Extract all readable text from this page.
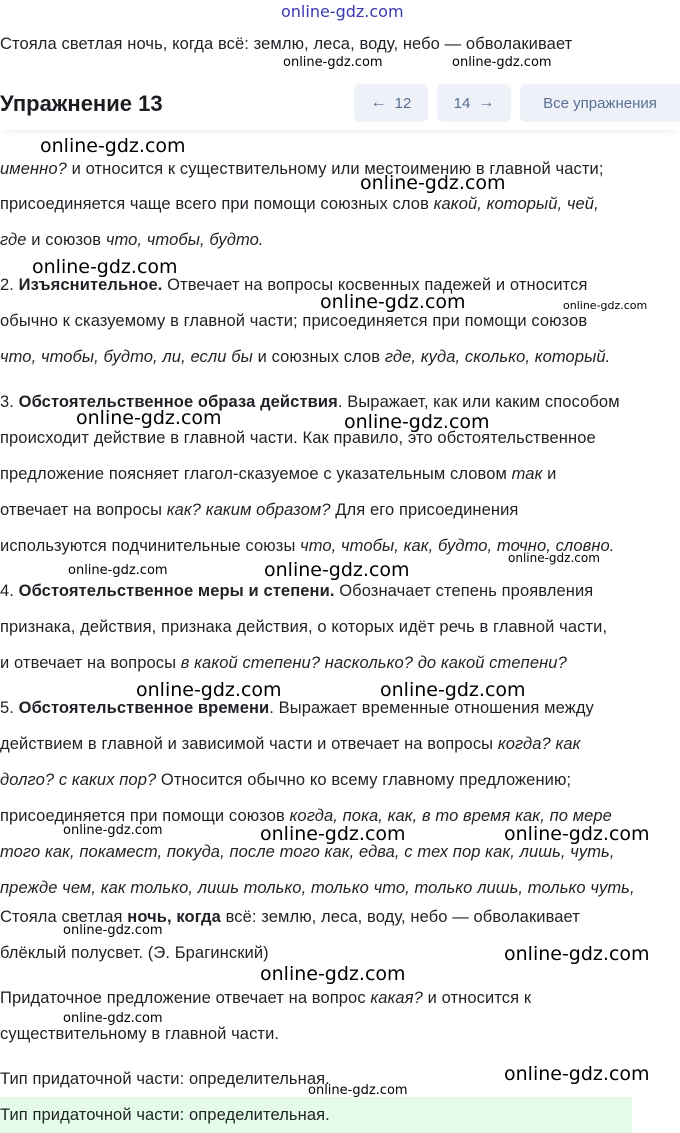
online-gdz.com
Стояла светлая ночь, когда всё: землю, леса, воду, небо — обволакивает
Упражнение 13	← 12	14 →	Все упражнения
именно? и относится к существительному или местоимению в главной части;
присоединяется чаще всего при помощи союзных слов какой, который, чей,
где и союзов что, чтобы, будто.
2. Изъяснительное. Отвечает на вопросы косвенных падежей и относится
обычно к сказуемому в главной части; присоединяется при помощи союзов
что, чтобы, будто, ли, если бы и союзных слов где, куда, сколько, который.
3. Обстоятельственное образа действия. Выражает, как или каким способом
происходит действие в главной части. Как правило, это обстоятельственное
предложение поясняет глагол-сказуемое с указательным словом так и
отвечает на вопросы как? каким образом? Для его присоединения
используются подчинительные союзы что, чтобы, как, будто, точно, словно.
4. Обстоятельственное меры и степени. Обозначает степень проявления
признака, действия, признака действия, о которых идёт речь в главной части,
и отвечает на вопросы в какой степени? насколько? до какой степени?
5. Обстоятельственное времени. Выражает временные отношения между
действием в главной и зависимой части и отвечает на вопросы когда? как
долго? с каких пор? Относится обычно ко всему главному предложению;
присоединяется при помощи союзов когда, пока, как, в то время как, по мере
того как, покамест, покуда, после того как, едва, с тех пор как, лишь, чуть,
прежде чем, как только, лишь только, только что, только лишь, только чуть,
Стояла светлая ночь, когда всё: землю, леса, воду, небо — обволакивает
блёклый полусвет. (Э. Брагинский)
Придаточное предложение отвечает на вопрос какая? и относится к
существительному в главной части.
Тип придаточной части: определительная.
Тип придаточной части: определительная.
online-gdz.com	online-gdz.com
online-gdz.com
online-gdz.com
online-gdz.com
online-gdz.com	online-gdz.com
online-gdz.com	online-gdz.com
online-gdz.com
online-gdz.com	online-gdz.com
online-gdz.com	online-gdz.com
online-gdz.com	online-gdz.com	online-gdz.com
online-gdz.com
online-gdz.com
online-gdz.com
online-gdz.com
online-gdz.com
online-gdz.com
